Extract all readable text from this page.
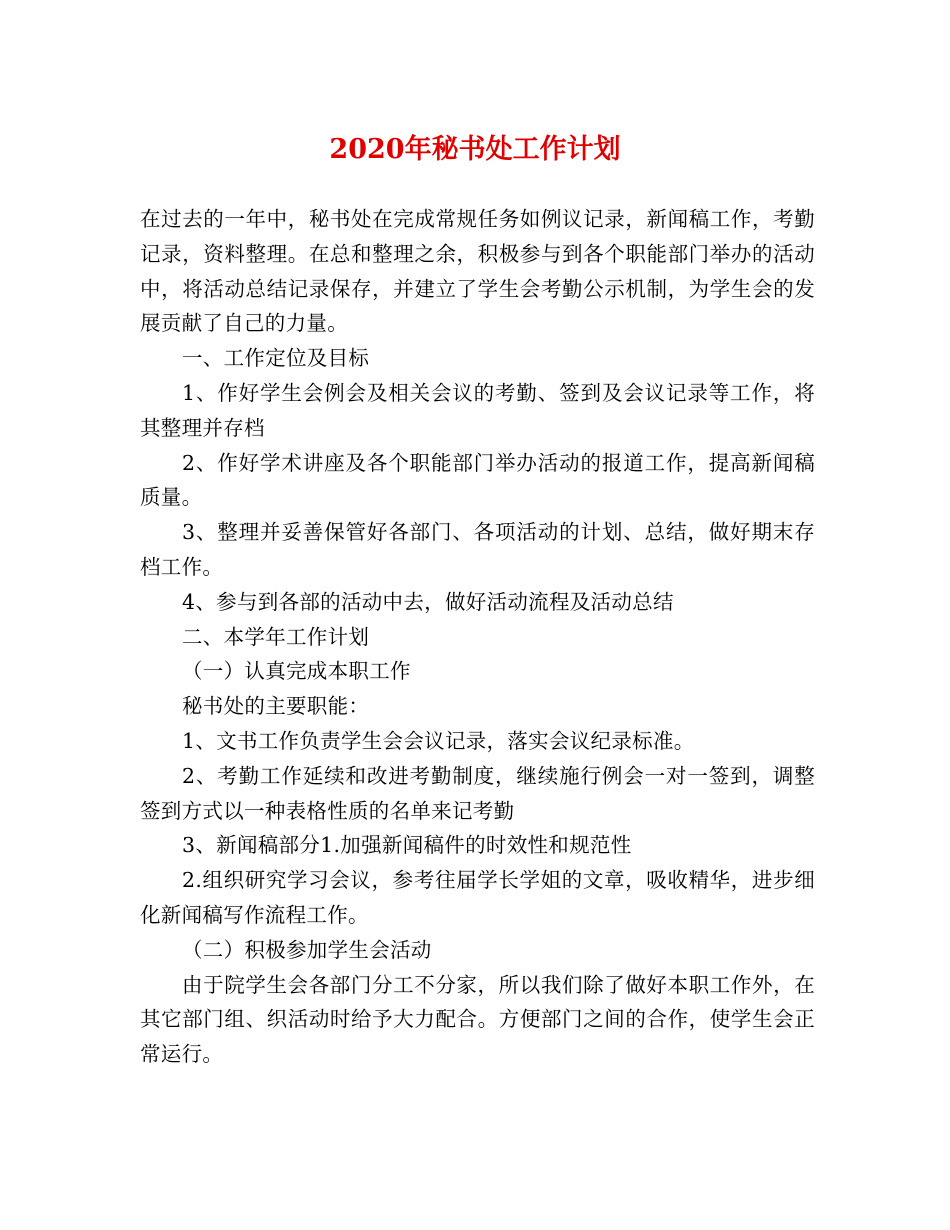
2020年秘书处工作计划

在过去的一年中，秘书处在完成常规任务如例议记录，新闻稿工作，考勤记录，资料整理。在总和整理之余，积极参与到各个职能部门举办的活动中，将活动总结记录保存，并建立了学生会考勤公示机制，为学生会的发展贡献了自己的力量。

一、工作定位及目标

1、作好学生会例会及相关会议的考勤、签到及会议记录等工作，将其整理并存档

2、作好学术讲座及各个职能部门举办活动的报道工作，提高新闻稿质量。

3、整理并妥善保管好各部门、各项活动的计划、总结，做好期末存档工作。

4、参与到各部的活动中去，做好活动流程及活动总结

二、本学年工作计划

（一）认真完成本职工作

秘书处的主要职能：

1、文书工作负责学生会会议记录，落实会议纪录标准。

2、考勤工作延续和改进考勤制度，继续施行例会一对一签到，调整签到方式以一种表格性质的名单来记考勤

3、新闻稿部分1.加强新闻稿件的时效性和规范性

2.组织研究学习会议，参考往届学长学姐的文章，吸收精华，进步细化新闻稿写作流程工作。

（二）积极参加学生会活动

由于院学生会各部门分工不分家，所以我们除了做好本职工作外，在其它部门组、织活动时给予大力配合。方便部门之间的合作，使学生会正常运行。
